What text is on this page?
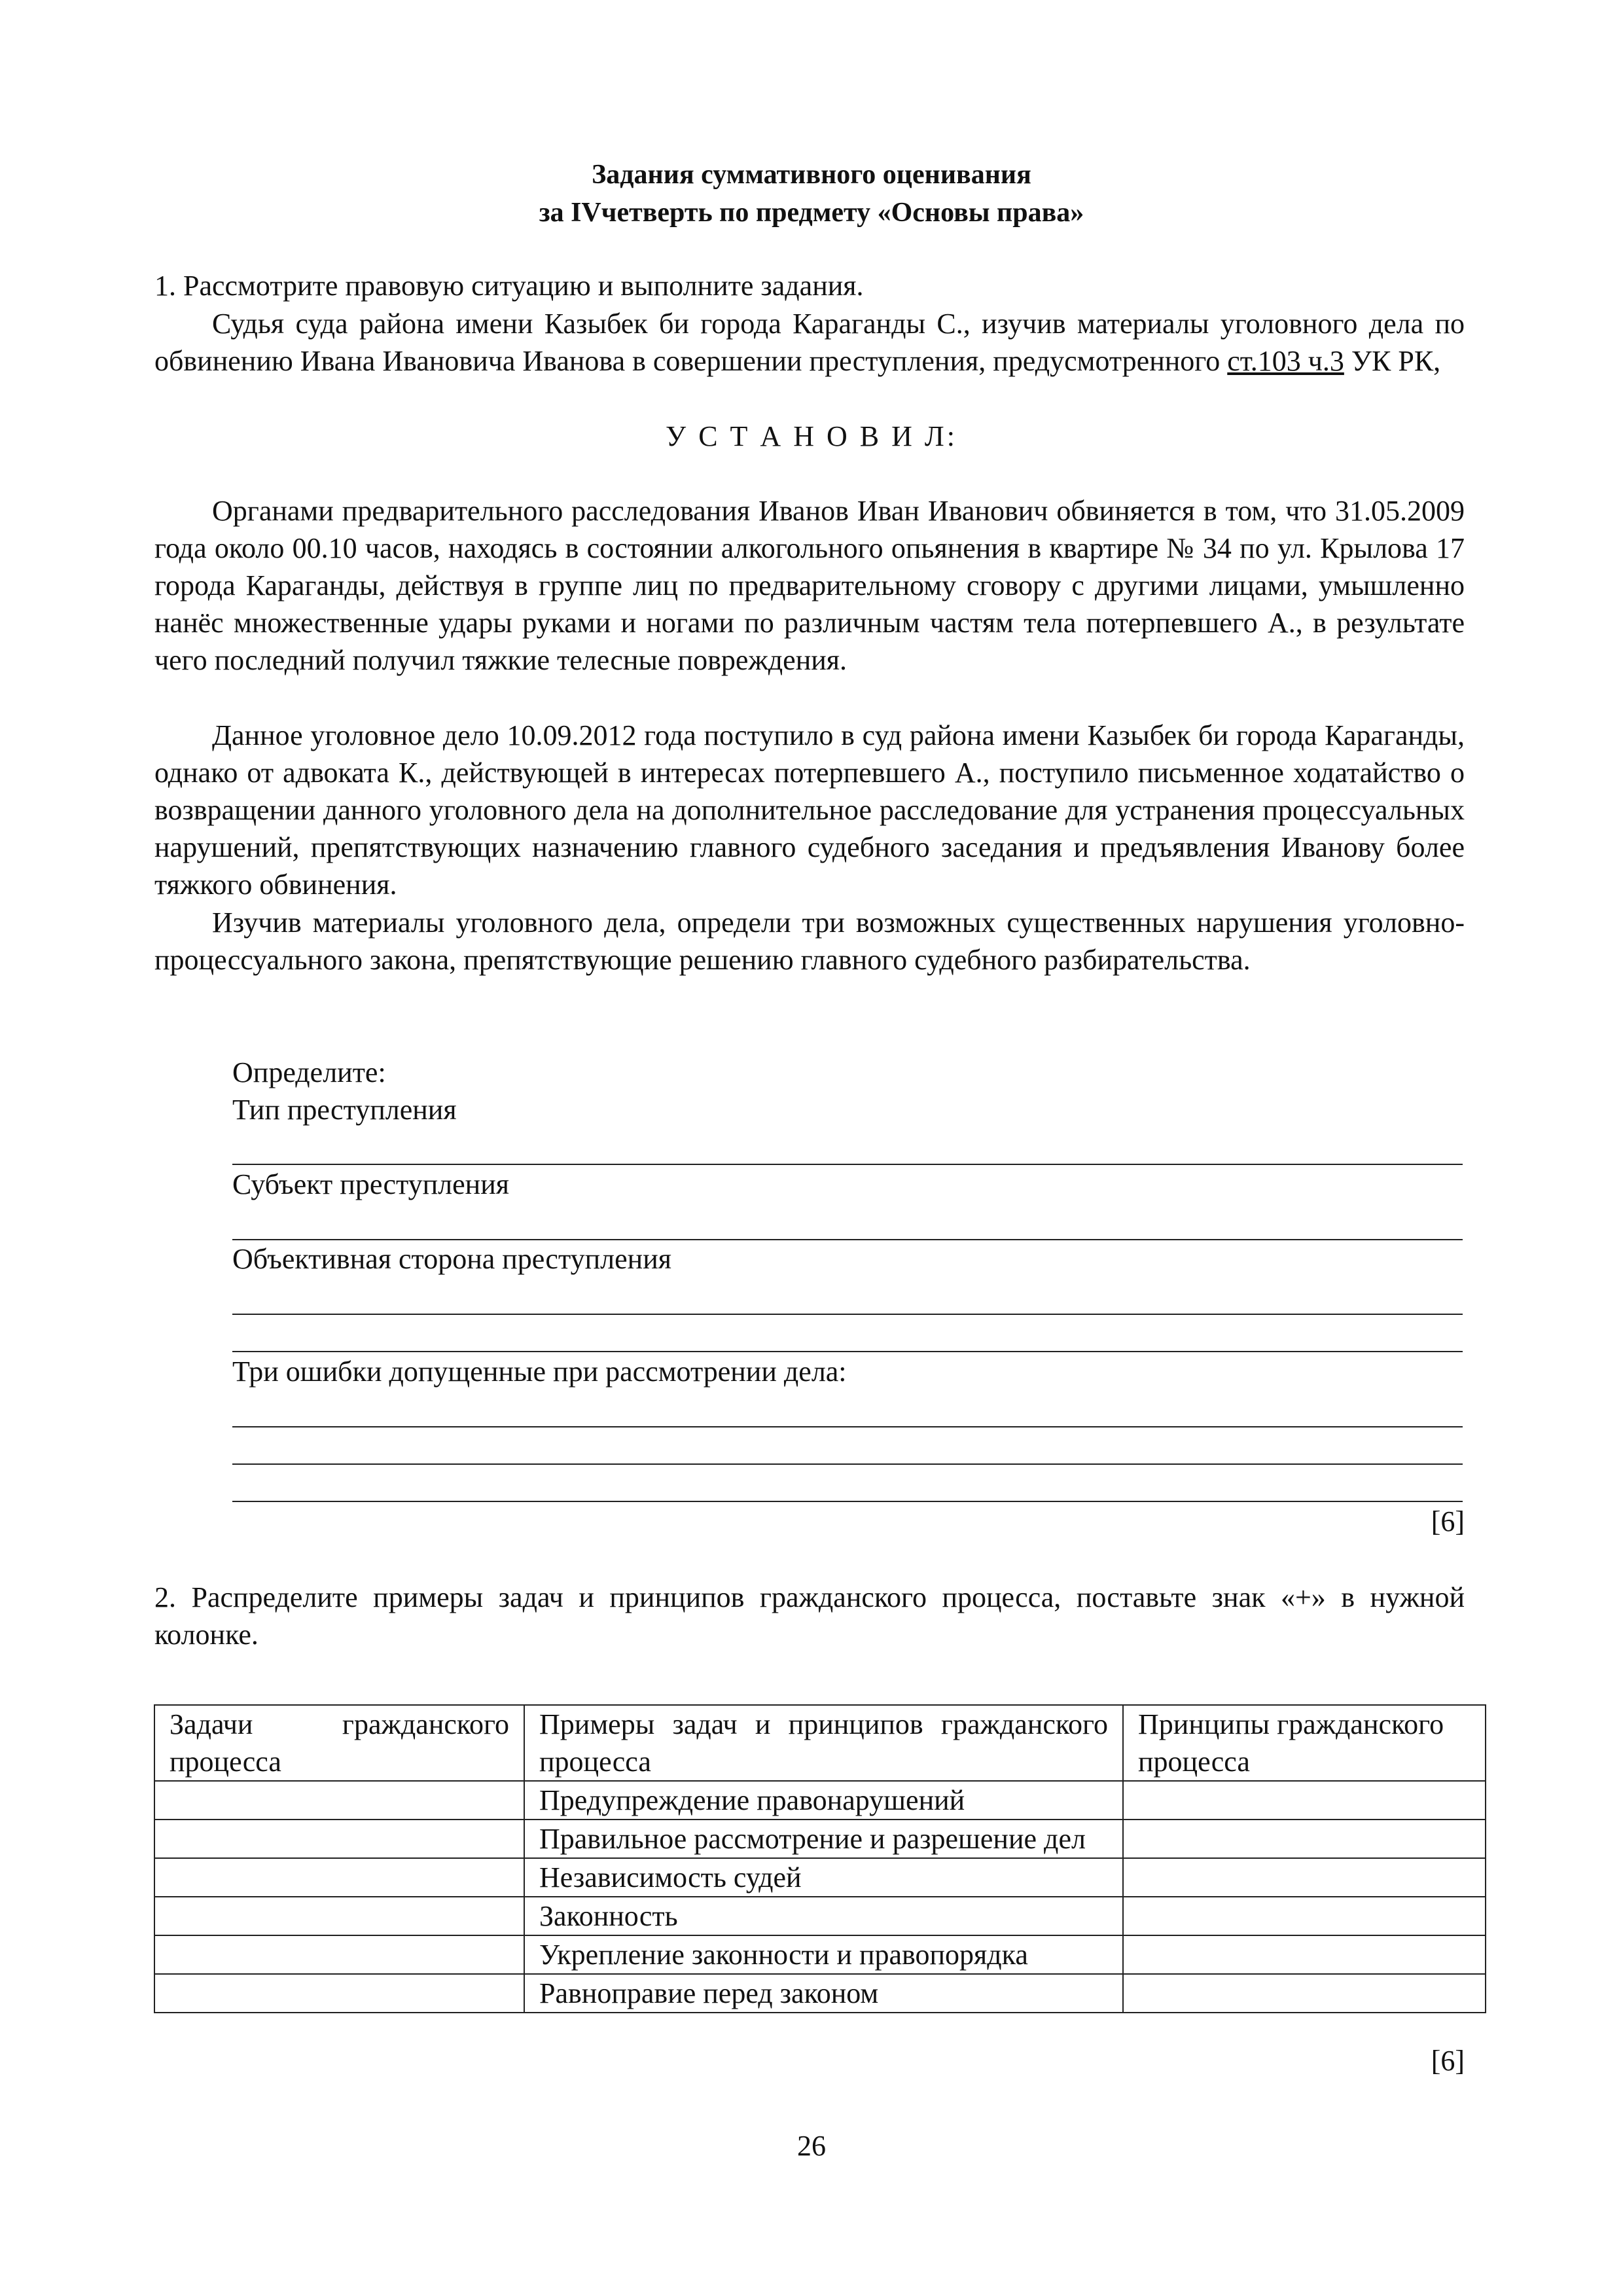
Задания суммативного оценивания
за IVчетверть по предмету «Основы права»
1. Рассмотрите правовую ситуацию и выполните задания.
Судья суда района имени Казыбек би города Караганды С., изучив материалы уголовного дела по обвинению Ивана Ивановича Иванова в совершении преступления, предусмотренного ст.103 ч.3 УК РК,
У С Т А Н О В И Л:
Органами предварительного расследования Иванов Иван Иванович обвиняется в том, что 31.05.2009 года около 00.10 часов, находясь в состоянии алкогольного опьянения в квартире № 34 по ул. Крылова 17 города Караганды, действуя в группе лиц по предварительному сговору с другими лицами, умышленно нанёс множественные удары руками и ногами по различным частям тела потерпевшего А., в результате чего последний получил тяжкие телесные повреждения.
Данное уголовное дело 10.09.2012 года поступило в суд района имени Казыбек би города Караганды, однако от адвоката К., действующей в интересах потерпевшего А., поступило письменное ходатайство о возвращении данного уголовного дела на дополнительное расследование для устранения процессуальных нарушений, препятствующих назначению главного судебного заседания и предъявления Иванову более тяжкого обвинения.
Изучив материалы уголовного дела, определи три возможных существенных нарушения уголовно-процессуального закона, препятствующие решению главного судебного разбирательства.
Определите:
Тип преступления
Субъект преступления
Объективная сторона преступления
Три ошибки допущенные при рассмотрении дела:
[6]
2. Распределите примеры задач и принципов гражданского процесса, поставьте знак «+» в нужной колонке.
Задачи гражданского процесса	Примеры задач и принципов гражданского процесса	Принципы гражданского процесса
	Предупреждение правонарушений	
	Правильное рассмотрение и разрешение дел	
	Независимость судей	
	Законность	
	Укрепление законности и правопорядка	
	Равноправие перед законом	
[6]
26
